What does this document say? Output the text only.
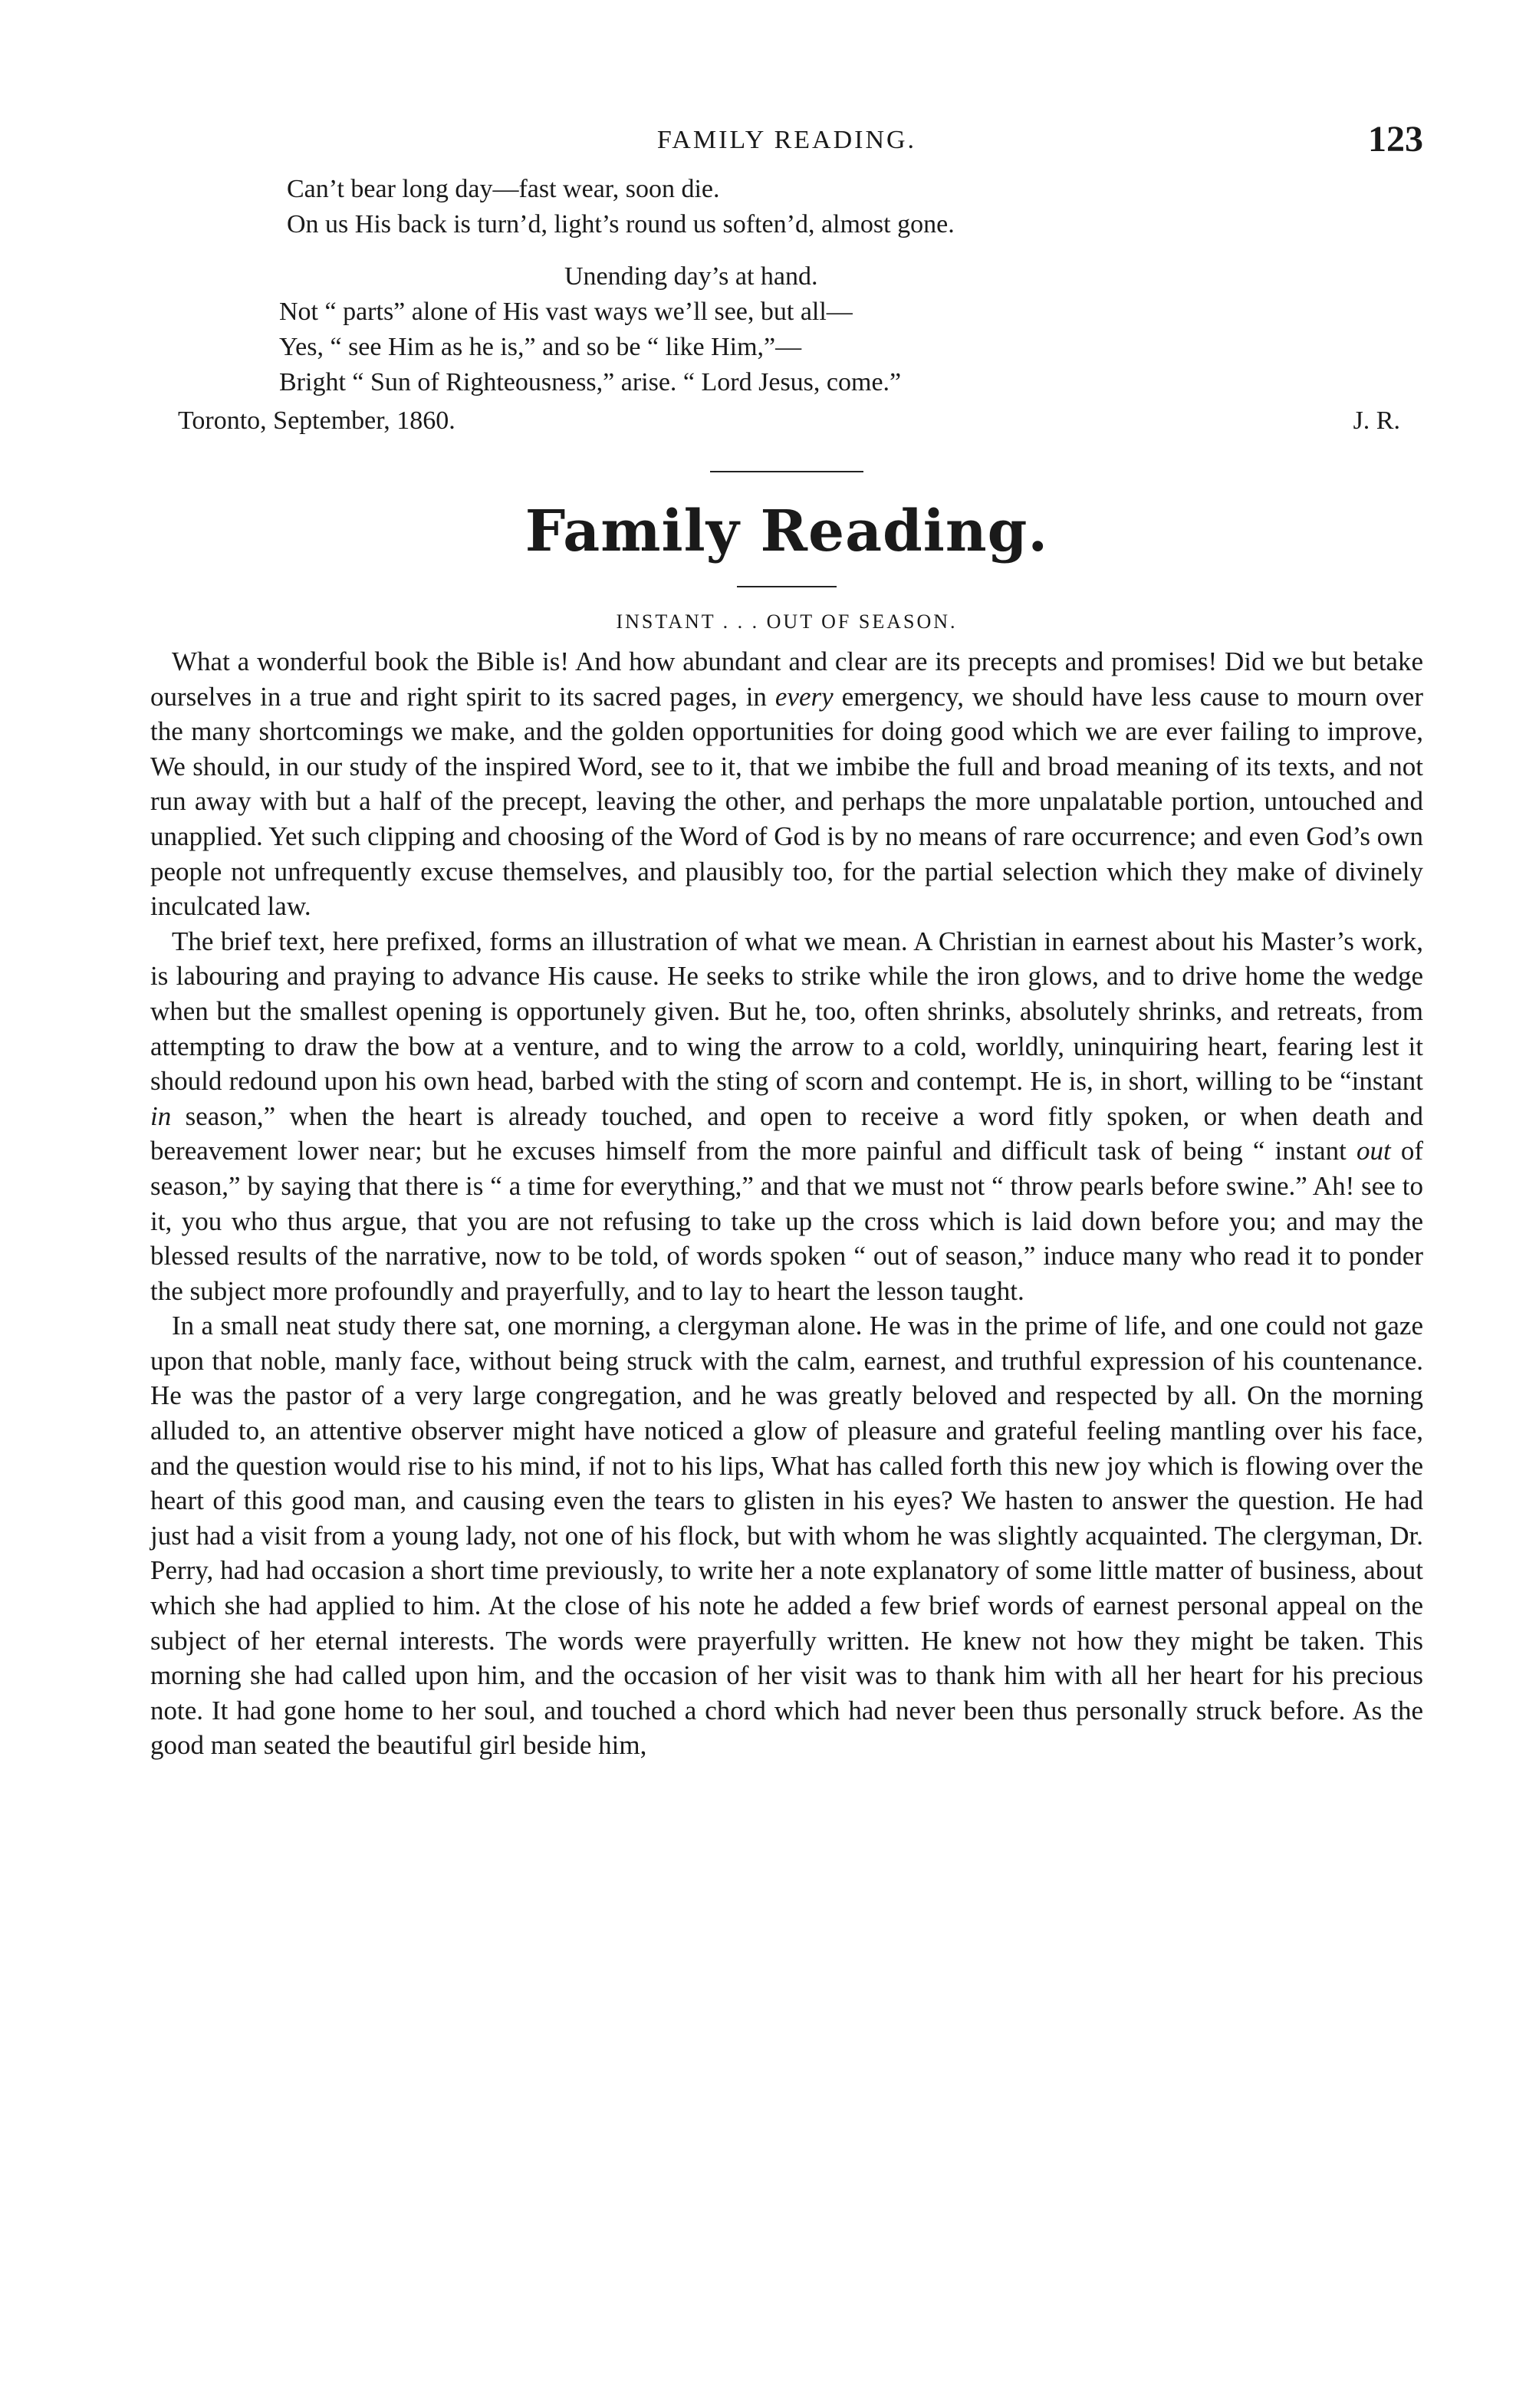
FAMILY READING.	123
Can’t bear long day—fast wear, soon die.
On us His back is turn’d, light’s round us soften’d, almost gone.
Unending day’s at hand.
Not “ parts” alone of His vast ways we’ll see, but all—
Yes, “ see Him as he is,” and so be “ like Him,”—
Bright “ Sun of Righteousness,” arise. “ Lord Jesus, come.”
Toronto, September, 1860.	J. R.
Family Reading.
INSTANT . . . OUT OF SEASON.

What a wonderful book the Bible is! And how abundant and clear are its precepts and promises! Did we but betake ourselves in a true and right spirit to its sacred pages, in every emergency, we should have less cause to mourn over the many shortcomings we make, and the golden opportunities for doing good which we are ever failing to improve, We should, in our study of the inspired Word, see to it, that we imbibe the full and broad meaning of its texts, and not run away with but a half of the precept, leaving the other, and perhaps the more unpalatable portion, untouched and unapplied. Yet such clipping and choosing of the Word of God is by no means of rare occurrence; and even God’s own people not unfrequently excuse themselves, and plausibly too, for the partial selection which they make of divinely inculcated law.

The brief text, here prefixed, forms an illustration of what we mean. A Christian in earnest about his Master’s work, is labouring and praying to advance His cause. He seeks to strike while the iron glows, and to drive home the wedge when but the smallest opening is opportunely given. But he, too, often shrinks, absolutely shrinks, and retreats, from attempting to draw the bow at a venture, and to wing the arrow to a cold, worldly, uninquiring heart, fearing lest it should redound upon his own head, barbed with the sting of scorn and contempt. He is, in short, willing to be “instant in season,” when the heart is already touched, and open to receive a word fitly spoken, or when death and bereavement lower near; but he excuses himself from the more painful and difficult task of being “ instant out of season,” by saying that there is “ a time for everything,” and that we must not “ throw pearls before swine.” Ah! see to it, you who thus argue, that you are not refusing to take up the cross which is laid down before you; and may the blessed results of the narrative, now to be told, of words spoken “ out of season,” induce many who read it to ponder the subject more profoundly and prayerfully, and to lay to heart the lesson taught.

In a small neat study there sat, one morning, a clergyman alone. He was in the prime of life, and one could not gaze upon that noble, manly face, without being struck with the calm, earnest, and truthful expression of his countenance. He was the pastor of a very large congregation, and he was greatly beloved and respected by all. On the morning alluded to, an attentive observer might have noticed a glow of pleasure and grateful feeling mantling over his face, and the question would rise to his mind, if not to his lips, What has called forth this new joy which is flowing over the heart of this good man, and causing even the tears to glisten in his eyes? We hasten to answer the question. He had just had a visit from a young lady, not one of his flock, but with whom he was slightly acquainted. The clergyman, Dr. Perry, had had occasion a short time previously, to write her a note explanatory of some little matter of business, about which she had applied to him. At the close of his note he added a few brief words of earnest personal appeal on the subject of her eternal interests. The words were prayerfully written. He knew not how they might be taken. This morning she had called upon him, and the occasion of her visit was to thank him with all her heart for his precious note. It had gone home to her soul, and touched a chord which had never been thus personally struck before. As the good man seated the beautiful girl beside him,
